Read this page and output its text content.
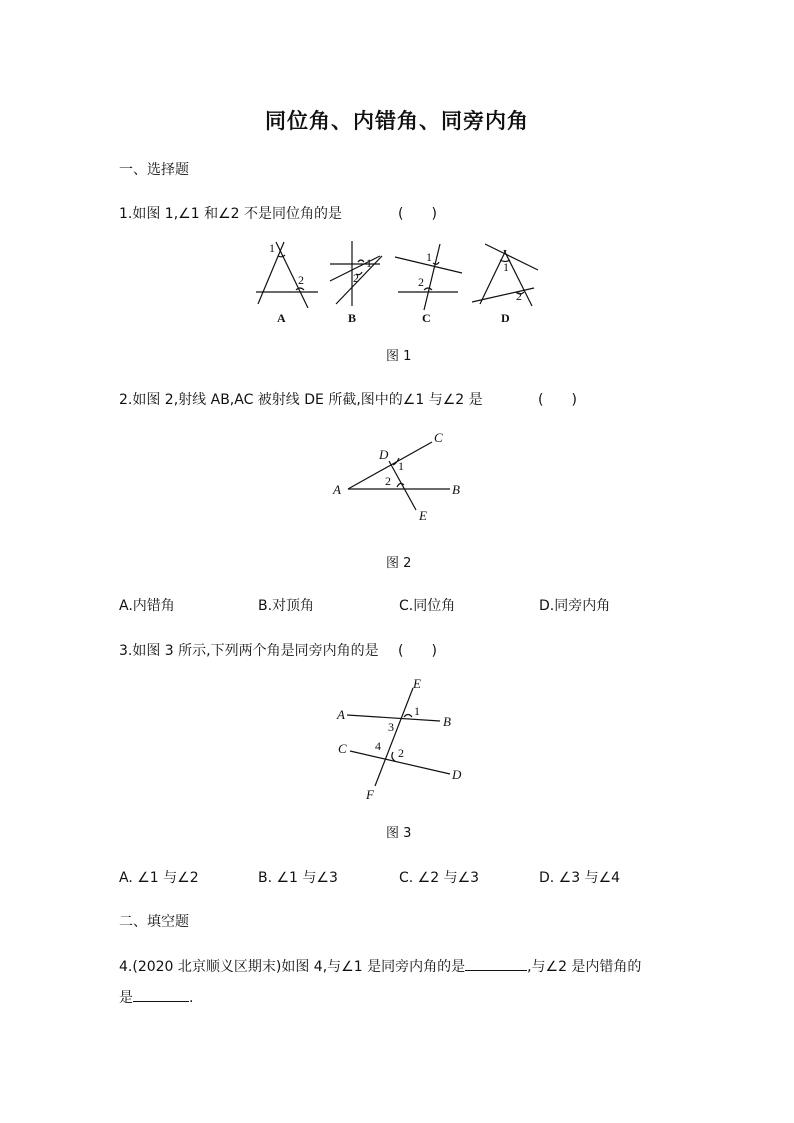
同位角、内错角、同旁内角
一、选择题
1.如图 1,∠1 和∠2 不是同位角的是	(　　)
1
2
A
1
2
B
1
2
C
1
2
D
图 1
2.如图 2,射线 AB,AC 被射线 DE 所截,图中的∠1 与∠2 是	(　　)
A	B
C
D
E
1
2
图 2
A.内错角	B.对顶角	C.同位角	D.同旁内角
3.如图 3 所示,下列两个角是同旁内角的是 (　　)
A	B
C
D
E
F
1
2
3
4
图 3
A. ∠1 与∠2	B. ∠1 与∠3	C. ∠2 与∠3	D. ∠3 与∠4
二、填空题
4.(2020 北京顺义区期末)如图 4,与∠1 是同旁内角的是	,与∠2 是内错角的
是	.
